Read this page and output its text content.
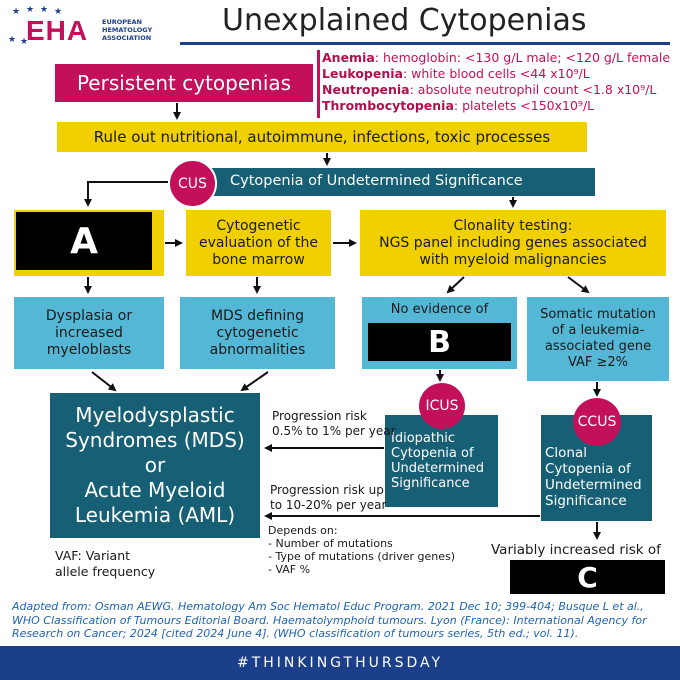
★ ★ ★ ★
★ ★
EHA EUROPEAN
HEMATOLOGY
ASSOCIATION Unexplained Cytopenias
Persistent cytopenias
Anemia: hemoglobin: <130 g/L male; <120 g/L female
Leukopenia: white blood cells <44 x10⁹/L
Neutropenia: absolute neutrophil count <1.8 x10⁹/L
Thrombocytopenia: platelets <150x10⁹/L
Rule out nutritional, autoimmune, infections, toxic processes
Cytopenia of Undetermined Significance
CUS
A	Cytogenetic
evaluation of the
bone marrow
Clonality testing:
NGS panel including genes associated
with myeloid malignancies
Dysplasia or
increased
myeloblasts
MDS defining
cytogenetic
abnormalities
No evidence of
B
Somatic mutation
of a leukemia-
associated gene
VAF ≥2%
Myelodysplastic
Syndromes (MDS)
or
Acute Myeloid
Leukemia (AML)
Idiopathic
Cytopenia of
Undetermined
Significance
ICUS
Clonal
Cytopenia of
Undetermined
Significance
CCUS
Progression risk
0.5% to 1% per year
Progression risk up
to 10-20% per year
Depends on:
- Number of mutations
- Type of mutations (driver genes)
- VAF %
VAF: Variant
allele frequency
Variably increased risk of
C
Adapted from: Osman AEWG. Hematology Am Soc Hematol Educ Program. 2021 Dec 10; 399-404; Busque L et al., WHO Classification of Tumours Editorial Board. Haematolymphoid tumours. Lyon (France): International Agency for Research on Cancer; 2024 [cited 2024 June 4]. (WHO classification of tumours series, 5th ed.; vol. 11).
#THINKINGTHURSDAY
